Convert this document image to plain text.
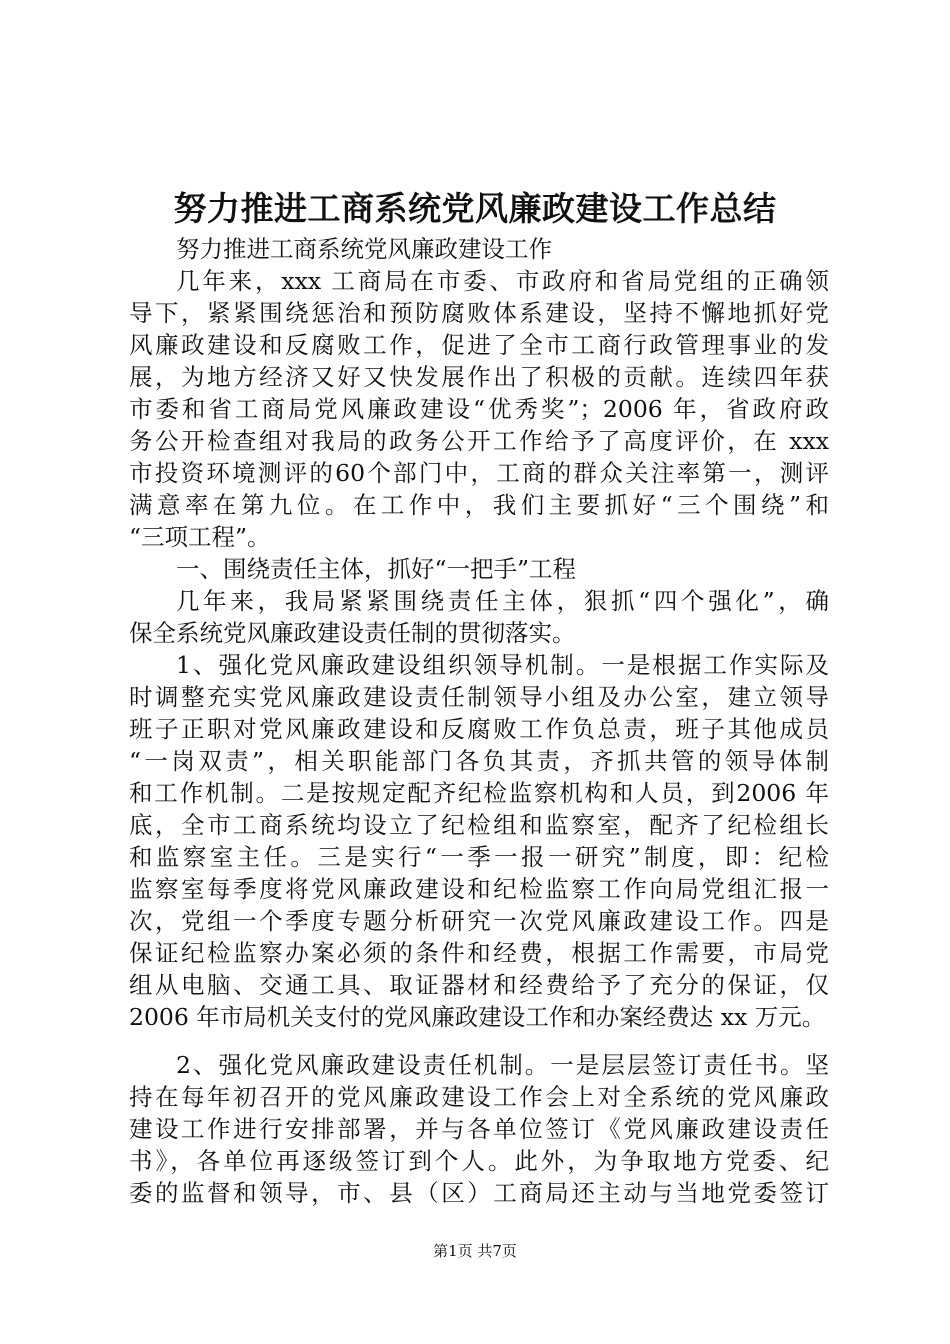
努力推进工商系统党风廉政建设工作总结
努力推进工商系统党风廉政建设工作
几年来，xxx 工商局在市委、市政府和省局党组的正确领
导下，紧紧围绕惩治和预防腐败体系建设，坚持不懈地抓好党
风廉政建设和反腐败工作，促进了全市工商行政管理事业的发
展，为地方经济又好又快发展作出了积极的贡献。连续四年获
市委和省工商局党风廉政建设“优秀奖”；2006 年，省政府政
务公开检查组对我局的政务公开工作给予了高度评价，在 xxx
市投资环境测评的60个部门中，工商的群众关注率第一，测评
满意率在第九位。在工作中，我们主要抓好“三个围绕”和
“三项工程”。
一、围绕责任主体，抓好“一把手”工程
几年来，我局紧紧围绕责任主体，狠抓“四个强化”，确
保全系统党风廉政建设责任制的贯彻落实。
1、强化党风廉政建设组织领导机制。一是根据工作实际及
时调整充实党风廉政建设责任制领导小组及办公室，建立领导
班子正职对党风廉政建设和反腐败工作负总责，班子其他成员
“一岗双责”，相关职能部门各负其责，齐抓共管的领导体制
和工作机制。二是按规定配齐纪检监察机构和人员，到2006 年
底，全市工商系统均设立了纪检组和监察室，配齐了纪检组长
和监察室主任。三是实行“一季一报一研究”制度，即：纪检
监察室每季度将党风廉政建设和纪检监察工作向局党组汇报一
次，党组一个季度专题分析研究一次党风廉政建设工作。四是
保证纪检监察办案必须的条件和经费，根据工作需要，市局党
组从电脑、交通工具、取证器材和经费给予了充分的保证，仅
2006 年市局机关支付的党风廉政建设工作和办案经费达 xx 万元。
2、强化党风廉政建设责任机制。一是层层签订责任书。坚
持在每年初召开的党风廉政建设工作会上对全系统的党风廉政
建设工作进行安排部署，并与各单位签订《党风廉政建设责任
书》，各单位再逐级签订到个人。此外，为争取地方党委、纪
委的监督和领导，市、县（区）工商局还主动与当地党委签订
第1页 共7页
